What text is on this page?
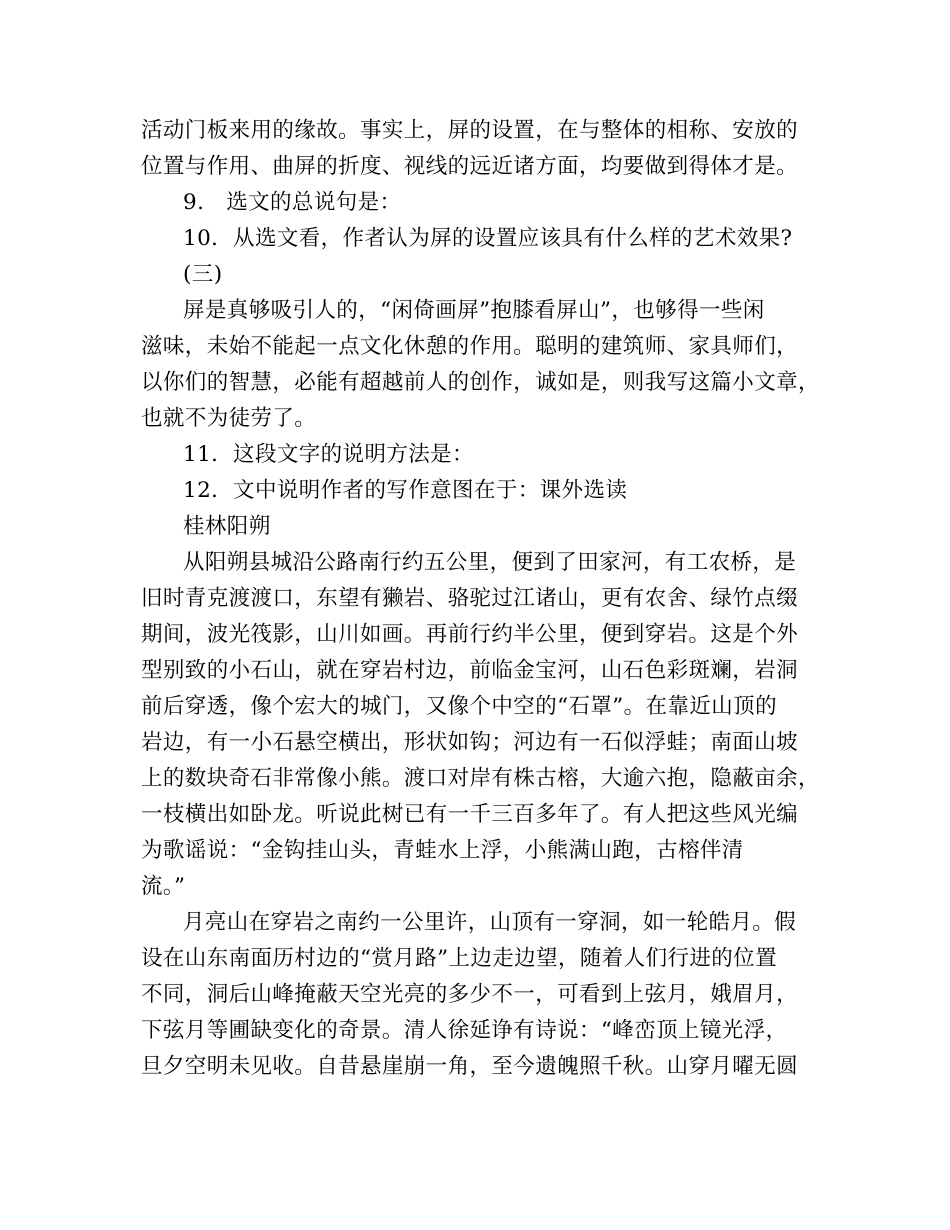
活动门板来用的缘故。事实上，屏的设置，在与整体的相称、安放的
位置与作用、曲屏的折度、视线的远近诸方面，均要做到得体才是。
9.　选文的总说句是：
10．从选文看，作者认为屏的设置应该具有什么样的艺术效果?
(三)
屏是真够吸引人的，“闲倚画屏”抱膝看屏山”，也够得一些闲
滋味，未始不能起一点文化休憩的作用。聪明的建筑师、家具师们，
以你们的智慧，必能有超越前人的创作，诚如是，则我写这篇小文章，
也就不为徒劳了。
11．这段文字的说明方法是：
12．文中说明作者的写作意图在于：课外选读
桂林阳朔
从阳朔县城沿公路南行约五公里，便到了田家河，有工农桥，是
旧时青克渡渡口，东望有獭岩、骆驼过江诸山，更有农舍、绿竹点缀
期间，波光筏影，山川如画。再前行约半公里，便到穿岩。这是个外
型别致的小石山，就在穿岩村边，前临金宝河，山石色彩斑斓，岩洞
前后穿透，像个宏大的城门，又像个中空的“石罩”。在靠近山顶的
岩边，有一小石悬空横出，形状如钩；河边有一石似浮蛙；南面山坡
上的数块奇石非常像小熊。渡口对岸有株古榕，大逾六抱，隐蔽亩余，
一枝横出如卧龙。听说此树已有一千三百多年了。有人把这些风光编
为歌谣说：“金钩挂山头，青蛙水上浮，小熊满山跑，古榕伴清
流。”
月亮山在穿岩之南约一公里许，山顶有一穿洞，如一轮皓月。假
设在山东南面历村边的“赏月路”上边走边望，随着人们行进的位置
不同，洞后山峰掩蔽天空光亮的多少不一，可看到上弦月，娥眉月，
下弦月等圃缺变化的奇景。清人徐延诤有诗说：“峰峦顶上镜光浮，
旦夕空明未见收。自昔悬崖崩一角，至今遗魄照千秋。山穿月曜无圆
